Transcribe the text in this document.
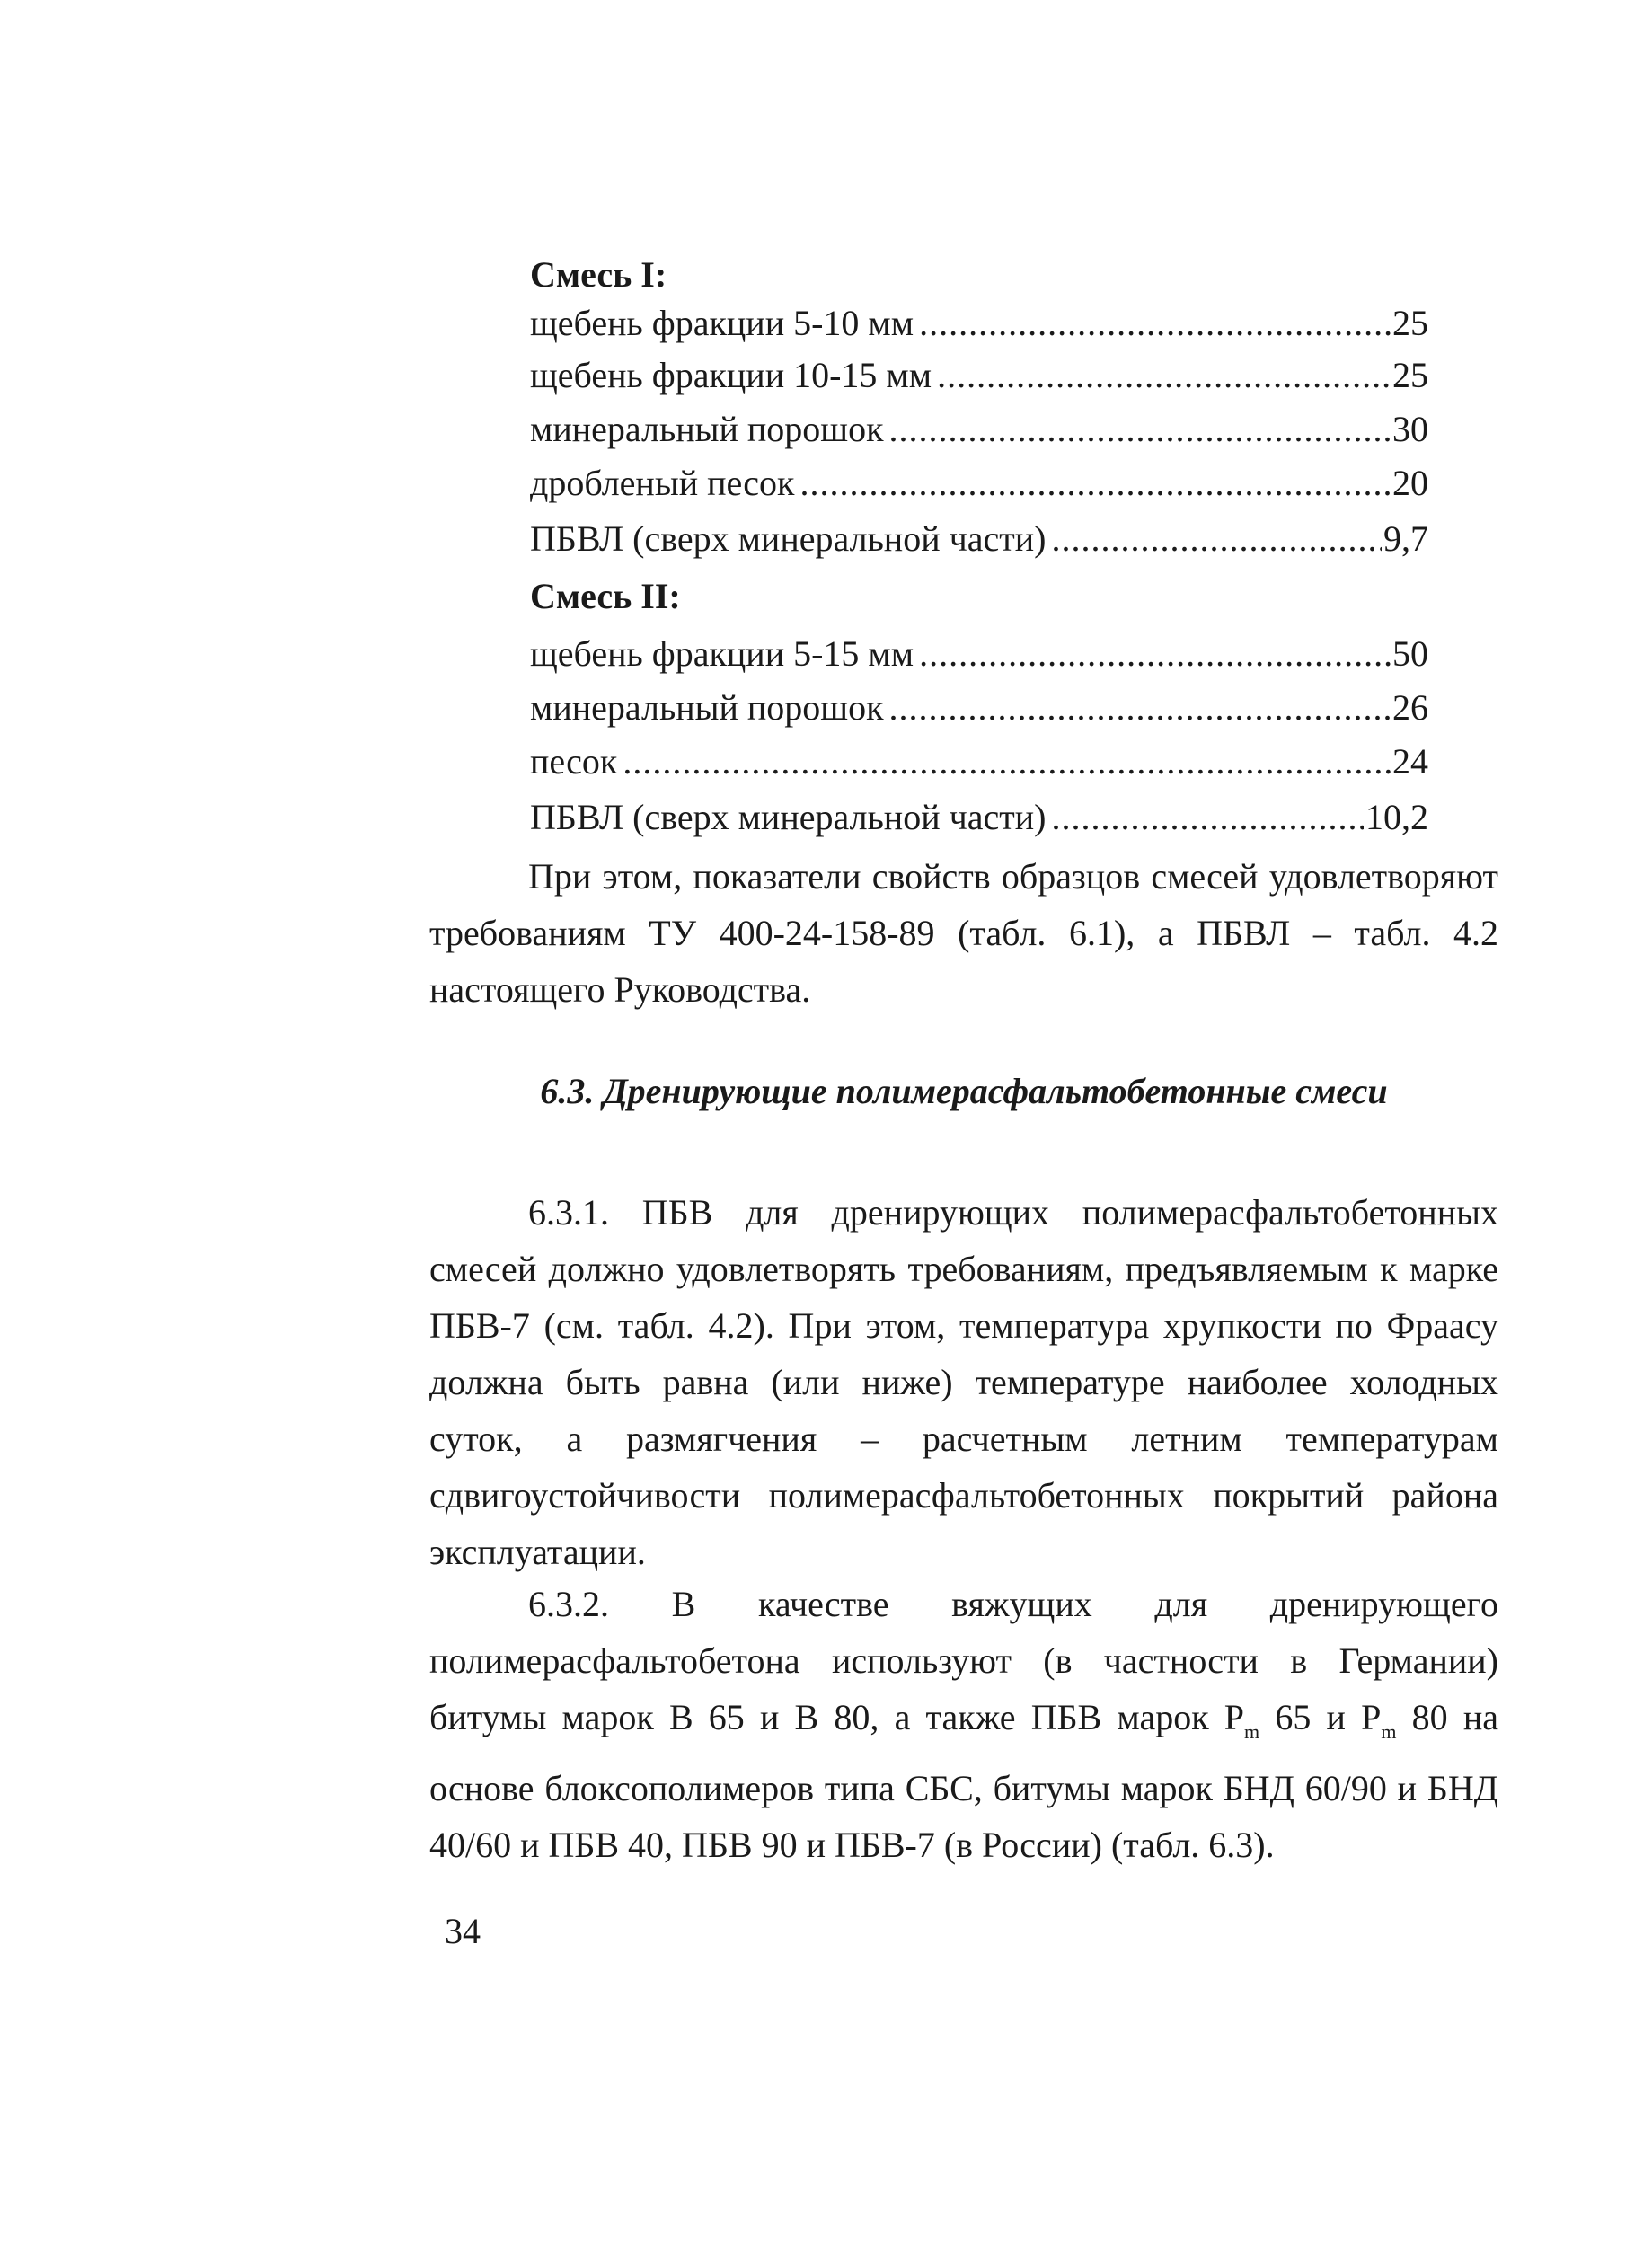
Смесь I:
щебень фракции 5-10 мм .....	25
щебень фракции 10-15 мм .....	25
минеральный порошок .....	30
дробленый песок .....	20
ПБВЛ (сверх минеральной части) .....	9,7
Смесь II:
щебень фракции 5-15 мм .....	50
минеральный порошок .....	26
песок .....	24
ПБВЛ (сверх минеральной части) .....	10,2

При этом, показатели свойств образцов смесей удовлетворяют требованиям ТУ 400-24-158-89 (табл. 6.1), а ПБВЛ – табл. 4.2 настоящего Руководства.

6.3. Дренирующие полимерасфальтобетонные смеси

6.3.1. ПБВ для дренирующих полимерасфальтобетонных смесей должно удовлетворять требованиям, предъявляемым к марке ПБВ-7 (см. табл. 4.2). При этом, температура хрупкости по Фраасу должна быть равна (или ниже) температуре наиболее холодных суток, а размягчения – расчетным летним температурам сдвигоустойчивости полимерасфальтобетонных покрытий района эксплуатации.

6.3.2. В качестве вяжущих для дренирующего полимерасфальтобетона используют (в частности в Германии) битумы марок В 65 и В 80, а также ПБВ марок $P_m$ 65 и $P_m$ 80 на основе блоксополимеров типа СБС, битумы марок БНД 60/90 и БНД 40/60 и ПБВ 40, ПБВ 90 и ПБВ-7 (в России) (табл. 6.3).

34
